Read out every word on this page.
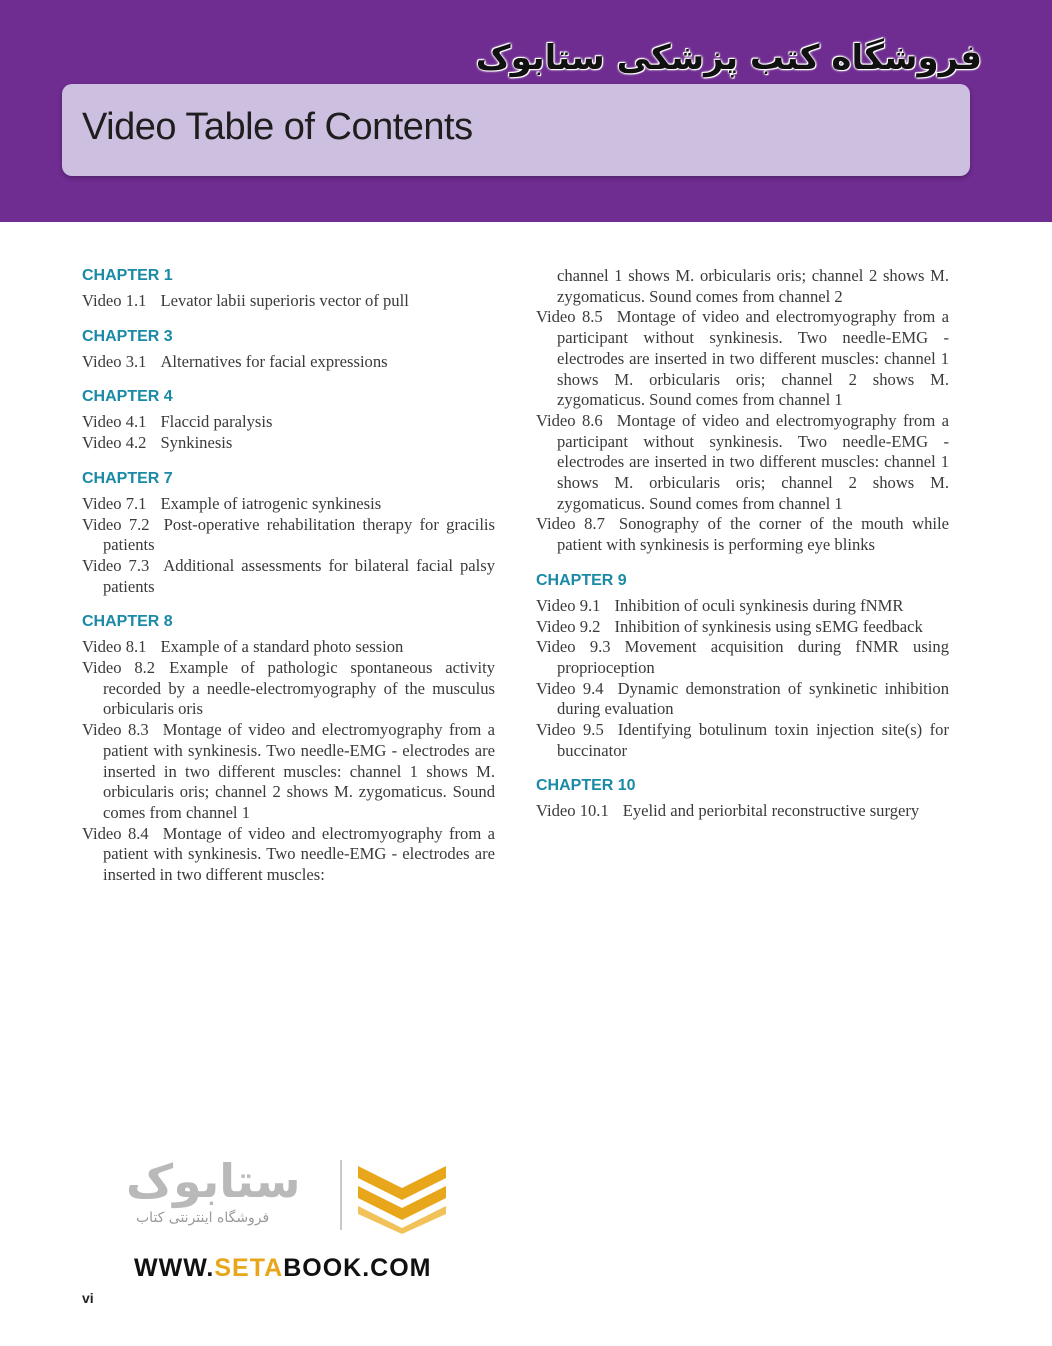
فروشگاه کتب پزشکی ستابوک
Video Table of Contents
CHAPTER 1
Video 1.1 Levator labii superioris vector of pull
CHAPTER 3
Video 3.1 Alternatives for facial expressions
CHAPTER 4
Video 4.1 Flaccid paralysis
Video 4.2 Synkinesis
CHAPTER 7
Video 7.1 Example of iatrogenic synkinesis
Video 7.2 Post-operative rehabilitation therapy for gracilis patients
Video 7.3 Additional assessments for bilateral facial palsy patients
CHAPTER 8
Video 8.1 Example of a standard photo session
Video 8.2 Example of pathologic spontaneous activity recorded by a needle-electromyography of the musculus orbicularis oris
Video 8.3 Montage of video and electromyography from a patient with synkinesis. Two needle-EMG - electrodes are inserted in two different muscles: channel 1 shows M. orbicularis oris; channel 2 shows M. zygomaticus. Sound comes from channel 1
Video 8.4 Montage of video and electromyography from a patient with synkinesis. Two needle-EMG - electrodes are inserted in two different muscles:
channel 1 shows M. orbicularis oris; channel 2 shows M. zygomaticus. Sound comes from channel 2
Video 8.5 Montage of video and electromyography from a participant without synkinesis. Two needle-EMG - electrodes are inserted in two different muscles: channel 1 shows M. orbicularis oris; channel 2 shows M. zygomaticus. Sound comes from channel 1
Video 8.6 Montage of video and electromyography from a participant without synkinesis. Two needle-EMG - electrodes are inserted in two different muscles: channel 1 shows M. orbicularis oris; channel 2 shows M. zygomaticus. Sound comes from channel 1
Video 8.7 Sonography of the corner of the mouth while patient with synkinesis is performing eye blinks
CHAPTER 9
Video 9.1 Inhibition of oculi synkinesis during fNMR
Video 9.2 Inhibition of synkinesis using sEMG feedback
Video 9.3 Movement acquisition during fNMR using proprioception
Video 9.4 Dynamic demonstration of synkinetic inhibition during evaluation
Video 9.5 Identifying botulinum toxin injection site(s) for buccinator
CHAPTER 10
Video 10.1 Eyelid and periorbital reconstructive surgery
ستابوک
فروشگاه اینترنتی کتاب
WWW.SETABOOK.COM
vi
